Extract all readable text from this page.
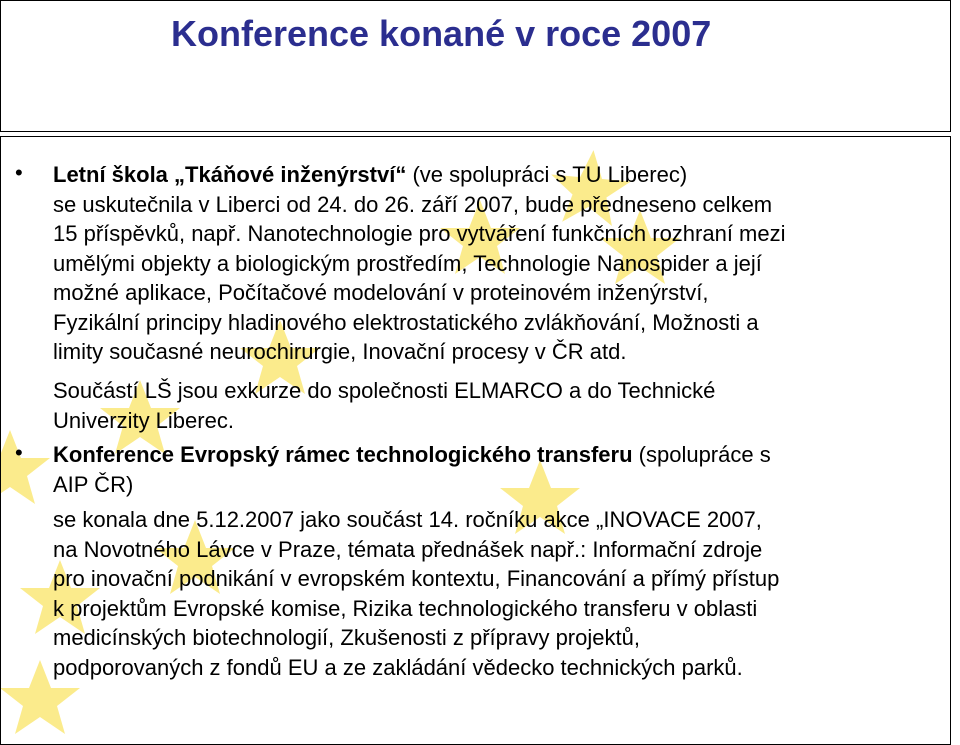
Konference konané v roce 2007
• Letní škola „Tkáňové inženýrství“ (ve spolupráci s TU Liberec)
se uskutečnila v Liberci od 24. do 26. září 2007, bude předneseno celkem
15 příspěvků, např. Nanotechnologie pro vytváření funkčních rozhraní mezi
umělými objekty a biologickým prostředím, Technologie Nanospider a její
možné aplikace, Počítačové modelování v proteinovém inženýrství,
Fyzikální principy hladinového elektrostatického zvlákňování, Možnosti a
limity současné neurochirurgie, Inovační procesy v ČR atd.
Součástí LŠ jsou exkurze do společnosti ELMARCO a do Technické
Univerzity Liberec.
• Konference Evropský rámec technologického transferu (spolupráce s
AIP ČR)
se konala dne 5.12.2007 jako součást 14. ročníku akce „INOVACE 2007,
na Novotného Lávce v Praze, témata přednášek např.: Informační zdroje
pro inovační podnikání v evropském kontextu, Financování a přímý přístup
k projektům Evropské komise, Rizika technologického transferu v oblasti
medicínských biotechnologií, Zkušenosti z přípravy projektů,
podporovaných z fondů EU a ze zakládání vědecko technických parků.
